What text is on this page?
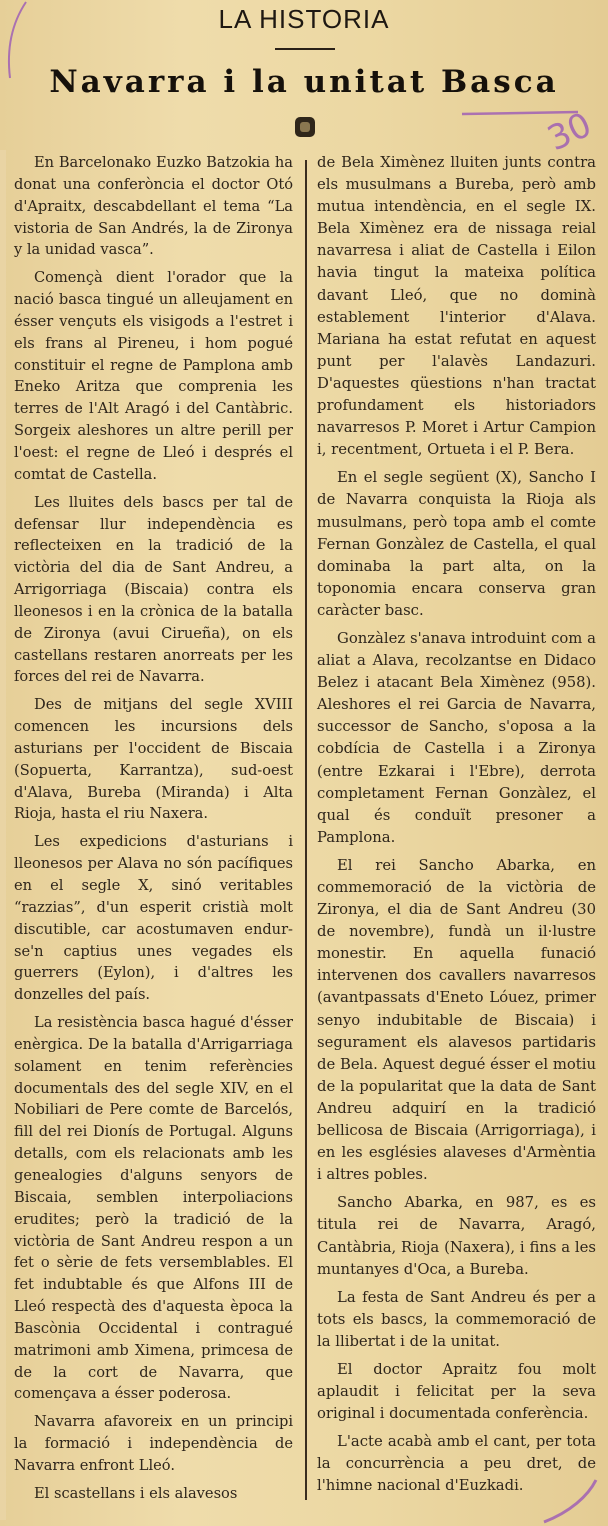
LA HISTORIA
Navarra i la unitat Basca
30

En Barcelonako Euzko Batzokia ha donat una conferòncia el doctor Otó d'Apraitx, descabdellant el tema “La vistoria de San Andrés, la de Zironya y la unidad vasca”.

Començà dient l'orador que la nació basca tingué un alleujament en ésser vençuts els visigods a l'estret i els frans al Pireneu, i hom pogué constituir el regne de Pamplona amb Eneko Aritza que comprenia les terres de l'Alt Aragó i del Cantàbric. Sorgeix aleshores un altre perill per l'oest: el regne de Lleó i després el comtat de Castella.

Les lluites dels bascs per tal de defensar llur independència es reflecteixen en la tradició de la victòria del dia de Sant Andreu, a Arrigorriaga (Biscaia) contra els lleonesos i en la crònica de la batalla de Zironya (avui Cirueña), on els castellans restaren anorreats per les forces del rei de Navarra.

Des de mitjans del segle XVIII comencen les incursions dels asturians per l'occident de Biscaia (Sopuerta, Karrantza), sud-oest d'Alava, Bureba (Miranda) i Alta Rioja, hasta el riu Naxera.

Les expedicions d'asturians i lleonesos per Alava no són pacífiques en el segle X, sinó veritables “razzias”, d'un esperit cristià molt discutible, car acostumaven endur-se'n captius unes vegades els guerrers (Eylon), i d'altres les donzelles del país.

La resistència basca hagué d'ésser enèrgica. De la batalla d'Arrigarriaga solament en tenim referències documentals des del segle XIV, en el Nobiliari de Pere comte de Barcelós, fill del rei Dionís de Portugal. Alguns detalls, com els relacionats amb les genealogies d'alguns senyors de Biscaia, semblen interpoliacions erudites; però la tradició de la victòria de Sant Andreu respon a un fet o sèrie de fets versemblables. El fet indubtable és que Alfons III de Lleó respectà des d'aquesta època la Bascònia Occidental i contragué matrimoni amb Ximena, primcesa de de la cort de Navarra, que començava a ésser poderosa.

Navarra afavoreix en un principi la formació i independència de Navarra enfront Lleó.

El scastellans i els alavesos

de Bela Ximènez lluiten junts contra els musulmans a Bureba, però amb mutua intendència, en el segle IX. Bela Ximènez era de nissaga reial navarresa i aliat de Castella i Eilon havia tingut la mateixa política davant Lleó, que no dominà establement l'interior d'Alava. Mariana ha estat refutat en aquest punt per l'alavès Landazuri. D'aquestes qüestions n'han tractat profundament els historiadors navarresos P. Moret i Artur Campion i, recentment, Ortueta i el P. Bera.

En el segle següent (X), Sancho I de Navarra conquista la Rioja als musulmans, però topa amb el comte Fernan Gonzàlez de Castella, el qual dominaba la part alta, on la toponomia encara conserva gran caràcter basc.

Gonzàlez s'anava introduint com a aliat a Alava, recolzantse en Didaco Belez i atacant Bela Ximènez (958). Aleshores el rei Garcia de Navarra, successor de Sancho, s'oposa a la cobdícia de Castella i a Zironya (entre Ezkarai i l'Ebre), derrota completament Fernan Gonzàlez, el qual és conduït presoner a Pamplona.

El rei Sancho Abarka, en commemoració de la victòria de Zironya, el dia de Sant Andreu (30 de novembre), fundà un il·lustre monestir. En aquella funació intervenen dos cavallers navarresos (avantpassats d'Eneto Lóuez, primer senyo indubitable de Biscaia) i segurament els alavesos partidaris de Bela. Aquest degué ésser el motiu de la popularitat que la data de Sant Andreu adquirí en la tradició bellicosa de Biscaia (Arrigorriaga), i en les esglésies alaveses d'Armèntia i altres pobles.

Sancho Abarka, en 987, es es titula rei de Navarra, Aragó, Cantàbria, Rioja (Naxera), i fins a les muntanyes d'Oca, a Bureba.

La festa de Sant Andreu és per a tots els bascs, la commemoració de la llibertat i de la unitat.

El doctor Apraitz fou molt aplaudit i felicitat per la seva original i documentada conferència.

L'acte acabà amb el cant, per tota la concurrència a peu dret, de l'himne nacional d'Euzkadi.
